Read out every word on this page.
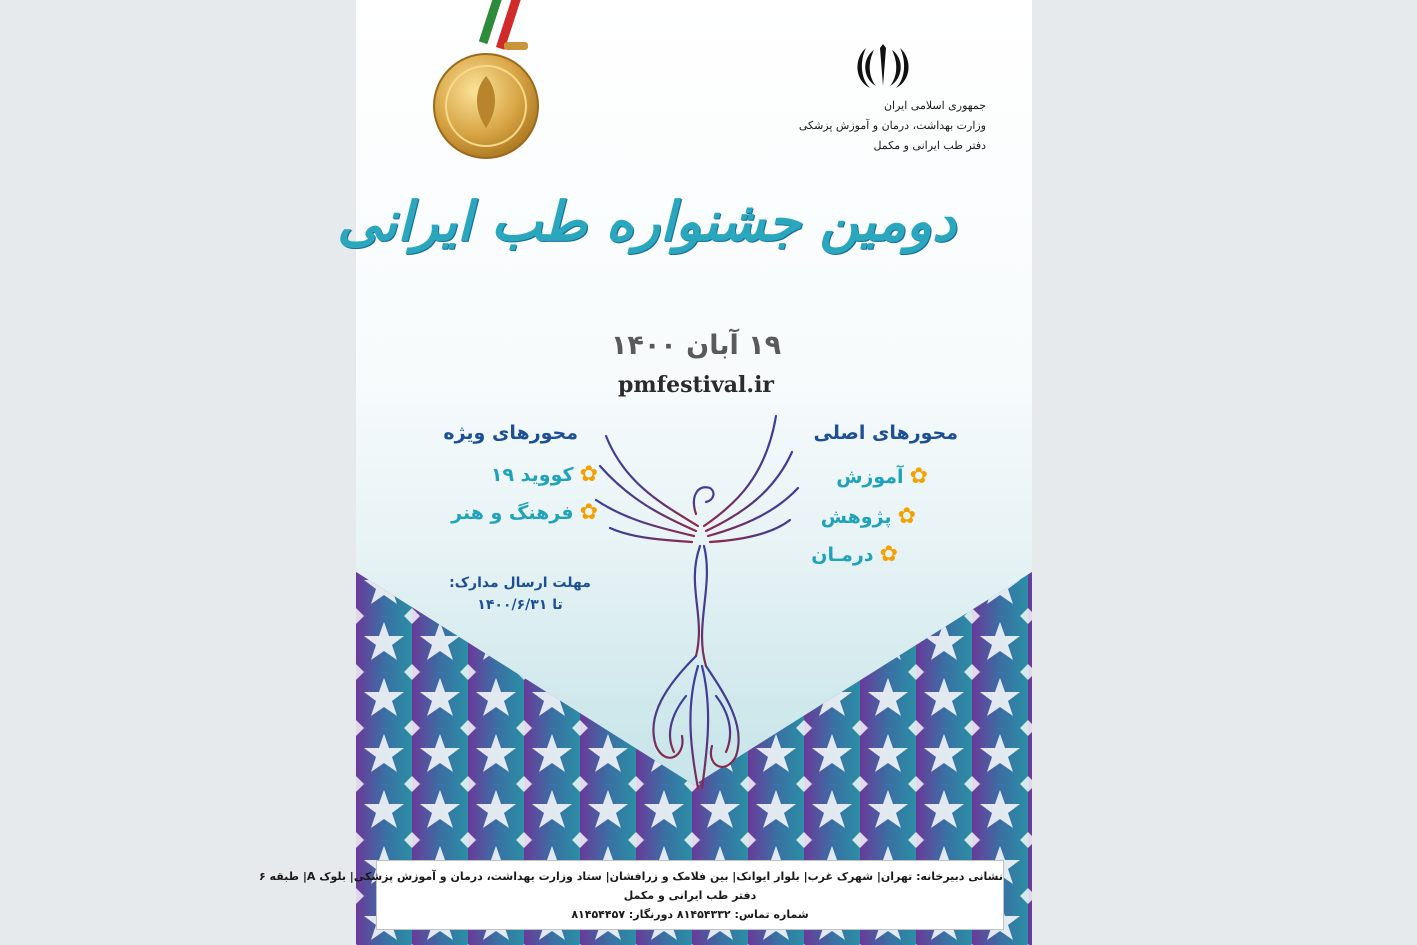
جمهوری اسلامی ایران
وزارت بهداشت، درمان و آموزش پزشکی
دفتر طب ایرانی و مکمل
دومین جشنواره طب ایرانی
۱۹ آبان ۱۴۰۰
pmfestival.ir
محورهای اصلی
محورهای ویژه
✿
آموزش
✿
پژوهش
✿
درمـان
✿
کووید ۱۹
✿
فرهنگ و هنر
مهلت ارسال مدارک:
تا ۱۴۰۰/۶/۳۱
نشانی دبیرخانه: تهران| شهرک غرب| بلوار ایوانک| بین فلامک و زرافشان| ستاد وزارت بهداشت، درمان و آموزش پزشکی| بلوک A| طبقه ۶
دفتر طب ایرانی و مکمل
شماره تماس: ۸۱۴۵۴۳۳۲ دورنگار: ۸۱۴۵۴۴۵۷
